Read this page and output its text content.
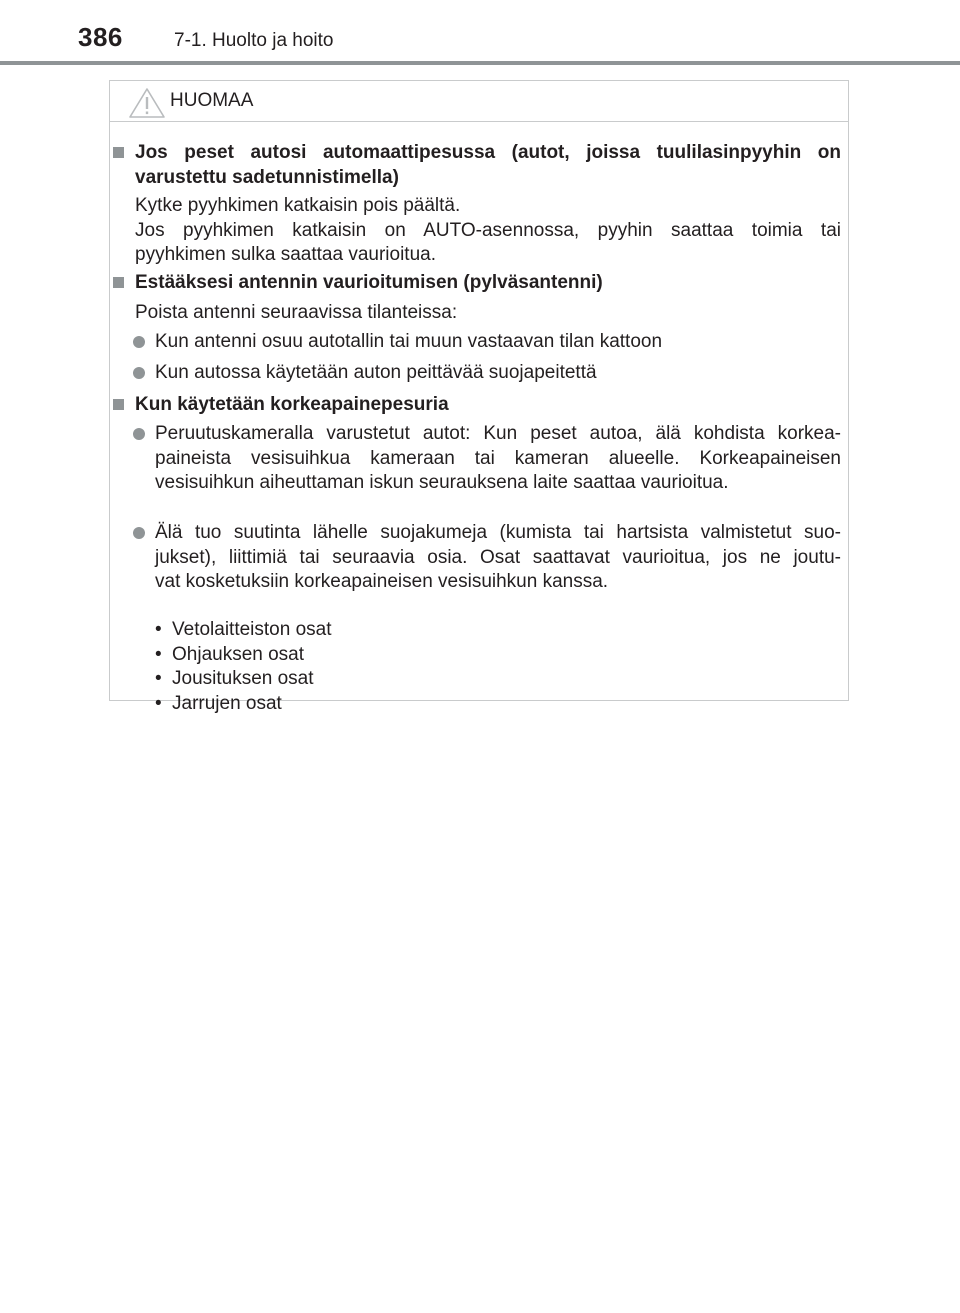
386	7-1. Huolto ja hoito
HUOMAA
Jos peset autosi automaattipesussa (autot, joissa tuulilasinpyyhin on
varustettu sadetunnistimella)
Kytke pyyhkimen katkaisin pois päältä.
Jos pyyhkimen katkaisin on AUTO-asennossa, pyyhin saattaa toimia tai
pyyhkimen sulka saattaa vaurioitua.
Estääksesi antennin vaurioitumisen (pylväsantenni)
Poista antenni seuraavissa tilanteissa:
Kun antenni osuu autotallin tai muun vastaavan tilan kattoon
Kun autossa käytetään auton peittävää suojapeitettä
Kun käytetään korkeapainepesuria
Peruutuskameralla varustetut autot: Kun peset autoa, älä kohdista korkea-
paineista vesisuihkua kameraan tai kameran alueelle. Korkeapaineisen
vesisuihkun aiheuttaman iskun seurauksena laite saattaa vaurioitua.
Älä tuo suutinta lähelle suojakumeja (kumista tai hartsista valmistetut suo-
jukset), liittimiä tai seuraavia osia. Osat saattavat vaurioitua, jos ne joutu-
vat kosketuksiin korkeapaineisen vesisuihkun kanssa.
• Vetolaitteiston osat
• Ohjauksen osat
• Jousituksen osat
• Jarrujen osat
